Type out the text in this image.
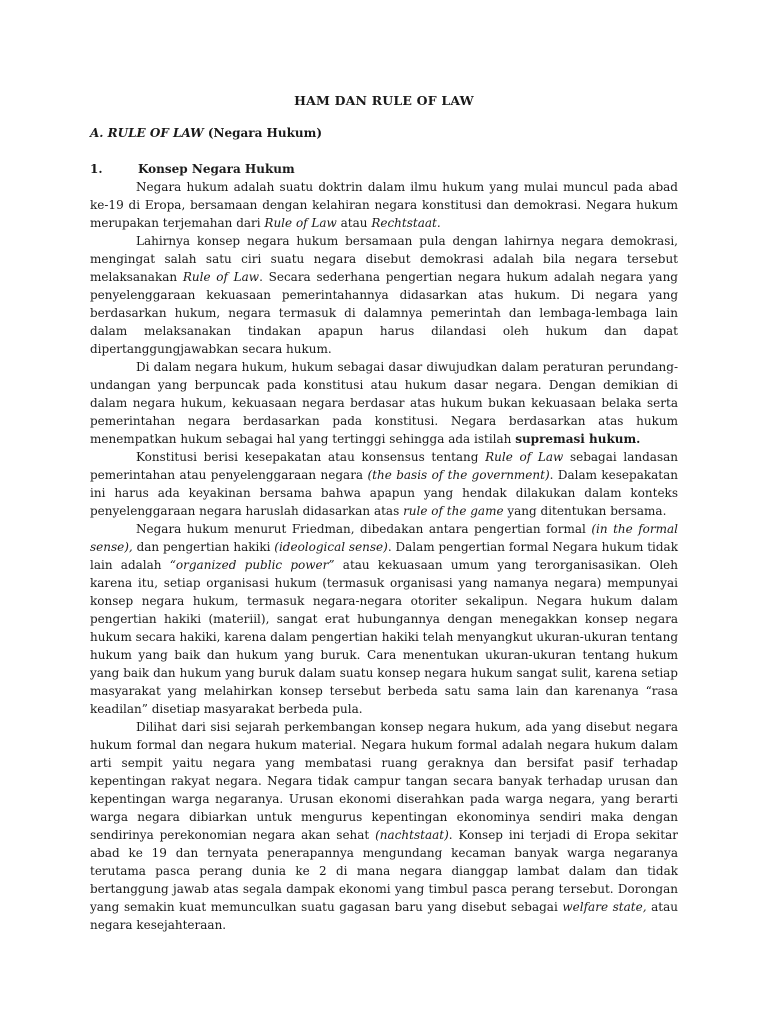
HAM DAN RULE OF LAW
A. RULE OF LAW (Negara Hukum)
1.	Konsep Negara Hukum

Negara hukum adalah suatu doktrin dalam ilmu hukum yang mulai muncul pada abad ke-19 di Eropa, bersamaan dengan kelahiran negara konstitusi dan demokrasi. Negara hukum merupakan terjemahan dari Rule of Law atau Rechtstaat.

Lahirnya konsep negara hukum bersamaan pula dengan lahirnya negara demokrasi, mengingat salah satu ciri suatu negara disebut demokrasi adalah bila negara tersebut melaksanakan Rule of Law. Secara sederhana pengertian negara hukum adalah negara yang penyelenggaraan kekuasaan pemerintahannya didasarkan atas hukum. Di negara yang berdasarkan hukum, negara termasuk di dalamnya pemerintah dan lembaga-lembaga lain dalam melaksanakan tindakan apapun harus dilandasi oleh hukum dan dapat dipertanggungjawabkan secara hukum.

Di dalam negara hukum, hukum sebagai dasar diwujudkan dalam peraturan perundang-undangan yang berpuncak pada konstitusi atau hukum dasar negara. Dengan demikian di dalam negara hukum, kekuasaan negara berdasar atas hukum bukan kekuasaan belaka serta pemerintahan negara berdasarkan pada konstitusi. Negara berdasarkan atas hukum menempatkan hukum sebagai hal yang tertinggi sehingga ada istilah supremasi hukum.

Konstitusi berisi kesepakatan atau konsensus tentang Rule of Law sebagai landasan pemerintahan atau penyelenggaraan negara (the basis of the government). Dalam kesepakatan ini harus ada keyakinan bersama bahwa apapun yang hendak dilakukan dalam konteks penyelenggaraan negara haruslah didasarkan atas rule of the game yang ditentukan bersama.

Negara hukum menurut Friedman, dibedakan antara pengertian formal (in the formal sense), dan pengertian hakiki (ideological sense). Dalam pengertian formal Negara hukum tidak lain adalah “organized public power” atau kekuasaan umum yang terorganisasikan. Oleh karena itu, setiap organisasi hukum (termasuk organisasi yang namanya negara) mempunyai konsep negara hukum, termasuk negara-negara otoriter sekalipun. Negara hukum dalam pengertian hakiki (materiil), sangat erat hubungannya dengan menegakkan konsep negara hukum secara hakiki, karena dalam pengertian hakiki telah menyangkut ukuran-ukuran tentang hukum yang baik dan hukum yang buruk. Cara menentukan ukuran-ukuran tentang hukum yang baik dan hukum yang buruk dalam suatu konsep negara hukum sangat sulit, karena setiap masyarakat yang melahirkan konsep tersebut berbeda satu sama lain dan karenanya “rasa keadilan” disetiap masyarakat berbeda pula.

Dilihat dari sisi sejarah perkembangan konsep negara hukum, ada yang disebut negara hukum formal dan negara hukum material. Negara hukum formal adalah negara hukum dalam arti sempit yaitu negara yang membatasi ruang geraknya dan bersifat pasif terhadap kepentingan rakyat negara. Negara tidak campur tangan secara banyak terhadap urusan dan kepentingan warga negaranya. Urusan ekonomi diserahkan pada warga negara, yang berarti warga negara dibiarkan untuk mengurus kepentingan ekonominya sendiri maka dengan sendirinya perekonomian negara akan sehat (nachtstaat). Konsep ini terjadi di Eropa sekitar abad ke 19 dan ternyata penerapannya mengundang kecaman banyak warga negaranya terutama pasca perang dunia ke 2 di mana negara dianggap lambat dalam dan tidak bertanggung jawab atas segala dampak ekonomi yang timbul pasca perang tersebut. Dorongan yang semakin kuat memunculkan suatu gagasan baru yang disebut sebagai welfare state, atau negara kesejahteraan.
